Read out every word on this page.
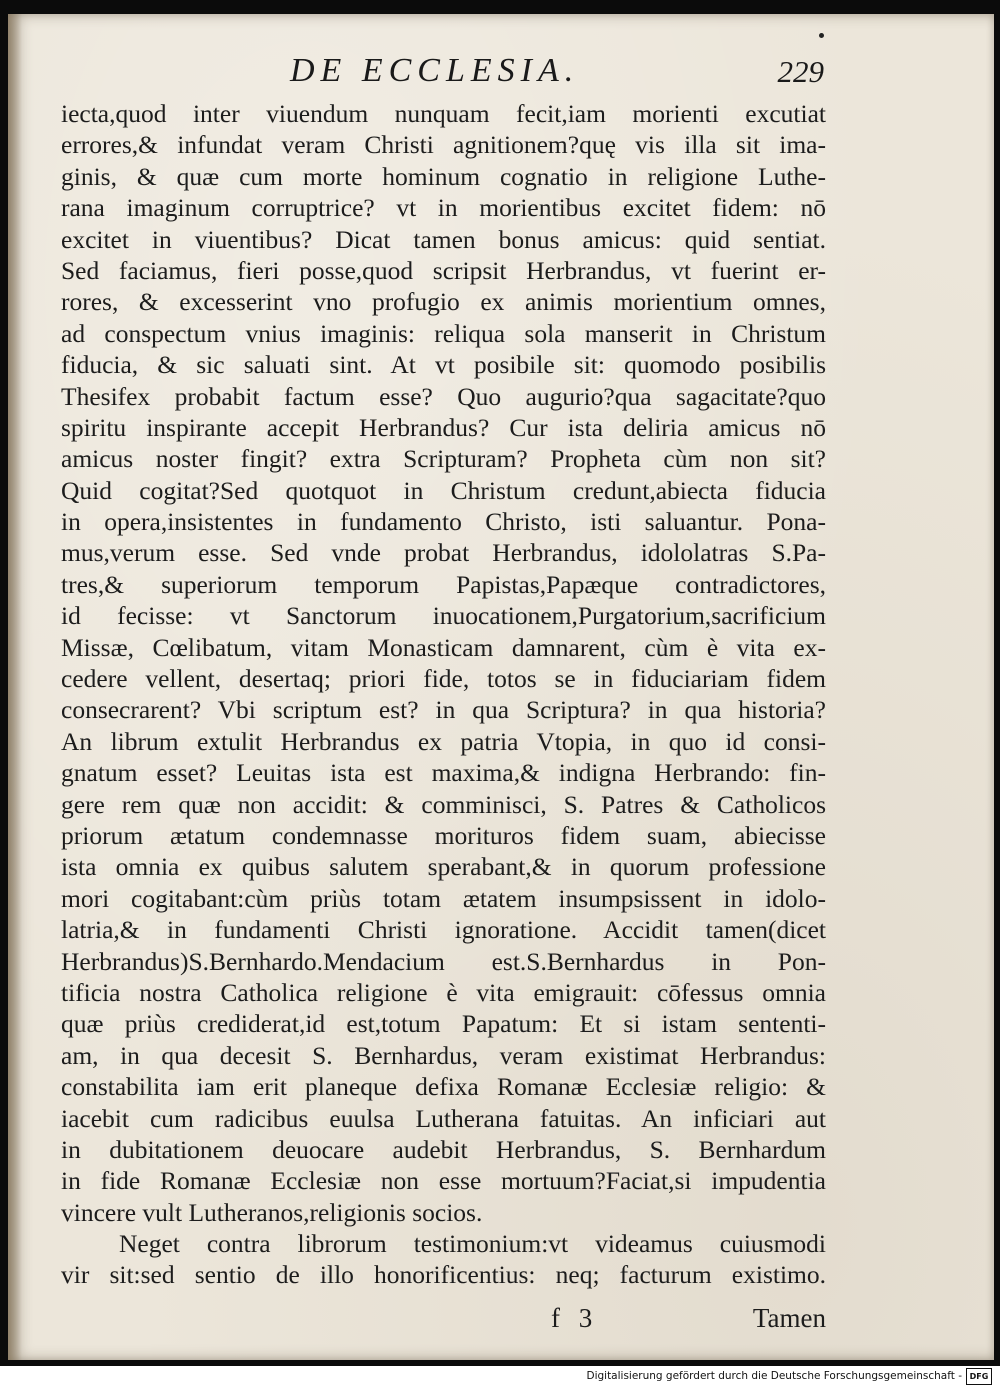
DE ECCLESIA.	229
iecta,quod inter viuendum nunquam fecit,iam morienti excutiat
errores,& infundat veram Christi agnitionem?quę vis illa sit ima-
ginis, & quæ cum morte hominum cognatio in religione Luthe-
rana imaginum corruptrice? vt in morientibus excitet fidem: nō
excitet in viuentibus? Dicat tamen bonus amicus: quid sentiat.
Sed faciamus, fieri posse,quod scripsit Herbrandus, vt fuerint er-
rores, & excesserint vno profugio ex animis morientium omnes,
ad conspectum vnius imaginis: reliqua sola manserit in Christum
fiducia, & sic saluati sint. At vt posibile sit: quomodo posibilis
Thesifex probabit factum esse? Quo augurio?qua sagacitate?quo
spiritu inspirante accepit Herbrandus? Cur ista deliria amicus nō
amicus noster fingit? extra Scripturam? Propheta cùm non sit?
Quid cogitat?Sed quotquot in Christum credunt,abiecta fiducia
in opera,insistentes in fundamento Christo, isti saluantur. Pona-
mus,verum esse. Sed vnde probat Herbrandus, idololatras S.Pa-
tres,& superiorum temporum Papistas,Papæque contradictores,
id fecisse: vt Sanctorum inuocationem,Purgatorium,sacrificium
Missæ, Cœlibatum, vitam Monasticam damnarent, cùm è vita ex-
cedere vellent, desertaq; priori fide, totos se in fiduciariam fidem
consecrarent? Vbi scriptum est? in qua Scriptura? in qua historia?
An librum extulit Herbrandus ex patria Vtopia, in quo id consi-
gnatum esset? Leuitas ista est maxima,& indigna Herbrando: fin-
gere rem quæ non accidit: & comminisci, S. Patres & Catholicos
priorum ætatum condemnasse morituros fidem suam, abiecisse
ista omnia ex quibus salutem sperabant,& in quorum professione
mori cogitabant:cùm priùs totam ætatem insumpsissent in idolo-
latria,& in fundamenti Christi ignoratione. Accidit tamen(dicet
Herbrandus)S.Bernhardo.Mendacium est.S.Bernhardus in Pon-
tificia nostra Catholica religione è vita emigrauit: cōfessus omnia
quæ priùs crediderat,id est,totum Papatum: Et si istam sententi-
am, in qua decesit S. Bernhardus, veram existimat Herbrandus:
constabilita iam erit planeque defixa Romanæ Ecclesiæ religio: &
iacebit cum radicibus euulsa Lutherana fatuitas. An inficiari aut
in dubitationem deuocare audebit Herbrandus, S. Bernhardum
in fide Romanæ Ecclesiæ non esse mortuum?Faciat,si impudentia
vincere vult Lutheranos,religionis socios.
Neget contra librorum testimonium:vt videamus cuiusmodi
vir sit:sed sentio de illo honorificentius: neq; facturum existimo.
f 3	Tamen
Digitalisierung gefördert durch die Deutsche Forschungsgemeinschaft - DFG
